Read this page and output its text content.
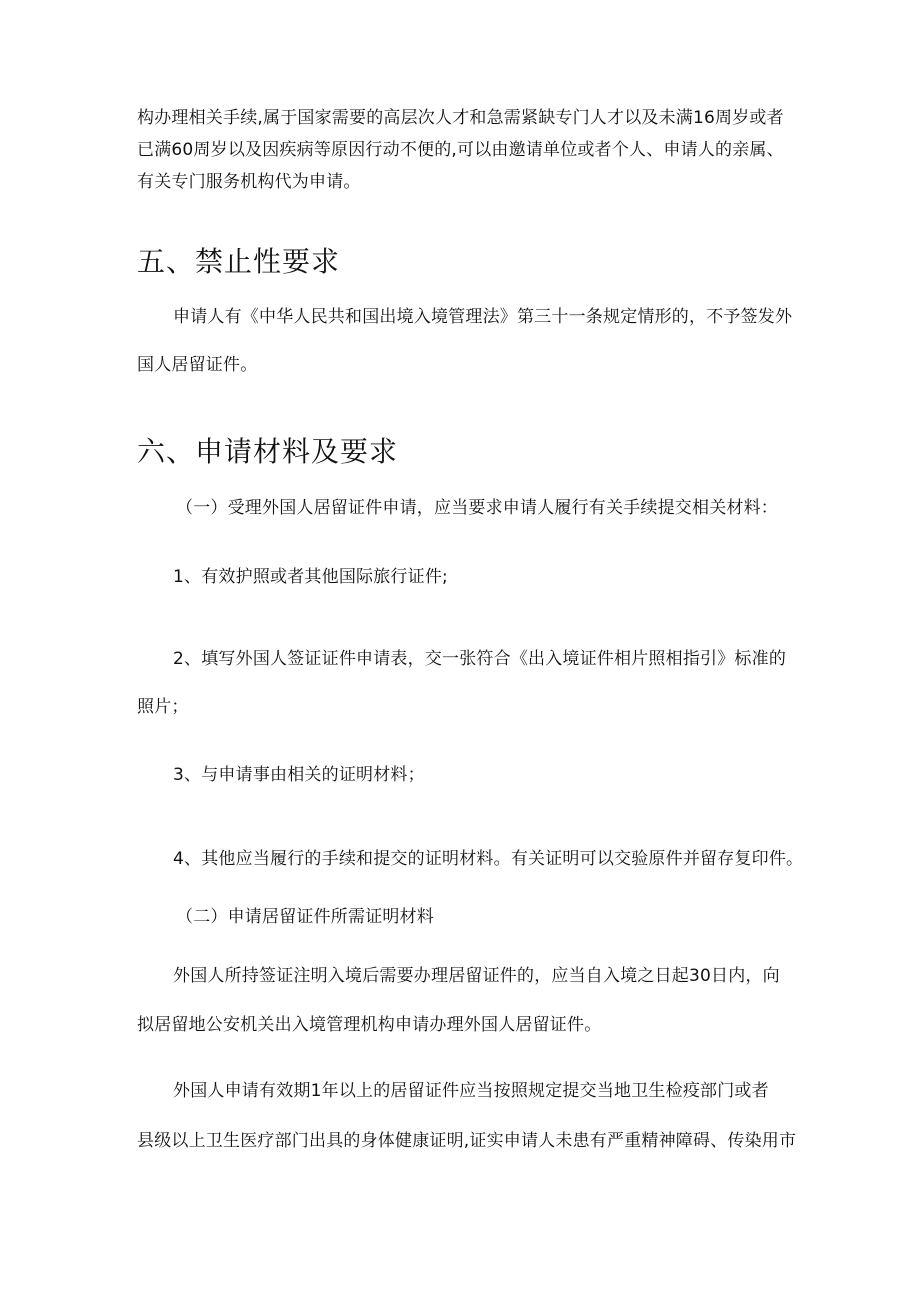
构办理相关手续,属于国家需要的高层次人才和急需紧缺专门人才以及未满16周岁或者
已满60周岁以及因疾病等原因行动不便的,可以由邀请单位或者个人、申请人的亲属、
有关专门服务机构代为申请。
五、禁止性要求
申请人有《中华人民共和国出境入境管理法》第三十一条规定情形的，不予签发外
国人居留证件。
六、申请材料及要求
（一）受理外国人居留证件申请，应当要求申请人履行有关手续提交相关材料：
1、有效护照或者其他国际旅行证件;
2、填写外国人签证证件申请表，交一张符合《出入境证件相片照相指引》标准的
照片；
3、与申请事由相关的证明材料；
4、其他应当履行的手续和提交的证明材料。有关证明可以交验原件并留存复印件。
（二）申请居留证件所需证明材料
外国人所持签证注明入境后需要办理居留证件的，应当自入境之日起30日内，向
拟居留地公安机关出入境管理机构申请办理外国人居留证件。
外国人申请有效期1年以上的居留证件应当按照规定提交当地卫生检疫部门或者
县级以上卫生医疗部门出具的身体健康证明,证实申请人未患有严重精神障碍、传染用市
